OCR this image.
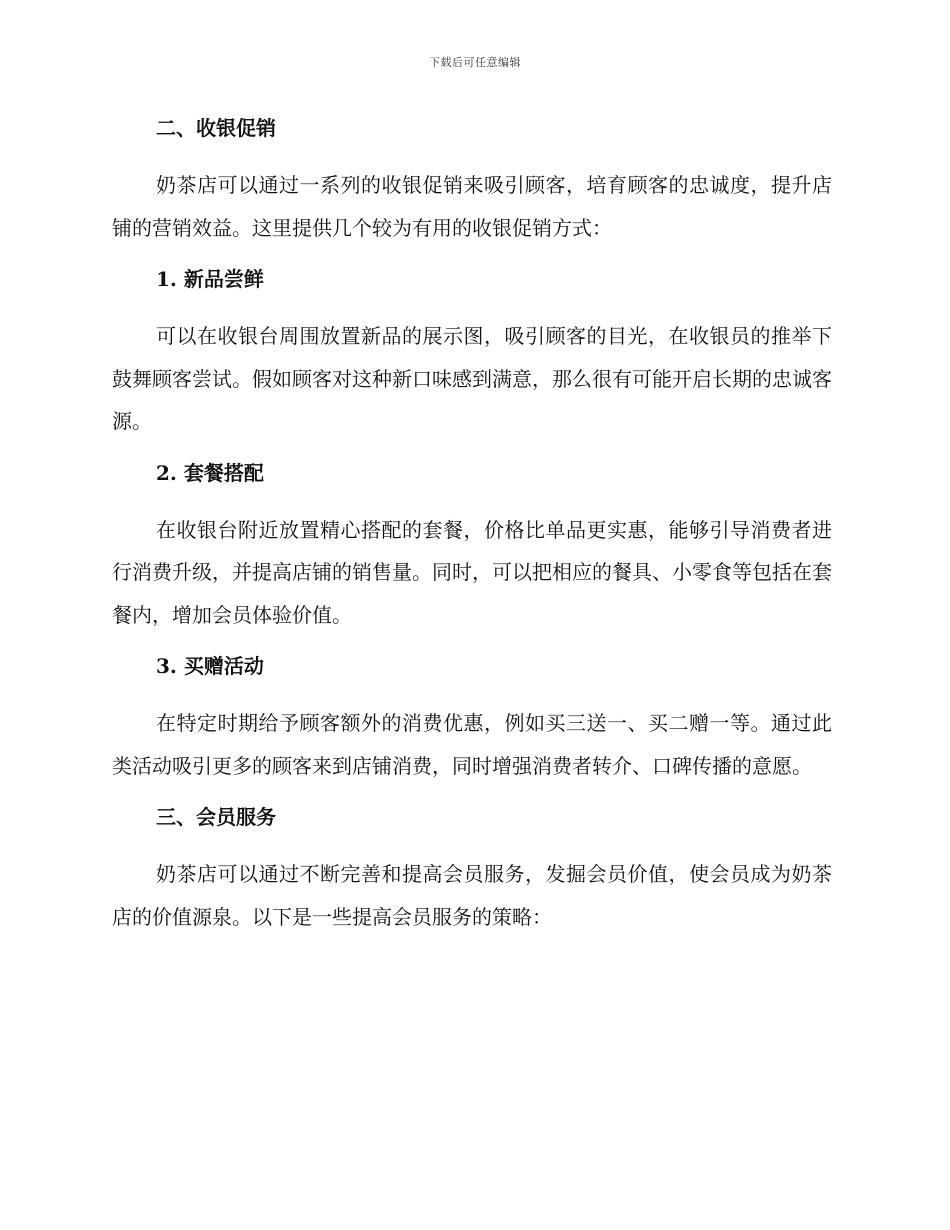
下载后可任意编辑
二、收银促销

奶茶店可以通过一系列的收银促销来吸引顾客，培育顾客的忠诚度，提升店铺的营销效益。这里提供几个较为有用的收银促销方式：

1. 新品尝鲜

可以在收银台周围放置新品的展示图，吸引顾客的目光，在收银员的推举下鼓舞顾客尝试。假如顾客对这种新口味感到满意，那么很有可能开启长期的忠诚客源。

2. 套餐搭配

在收银台附近放置精心搭配的套餐，价格比单品更实惠，能够引导消费者进行消费升级，并提高店铺的销售量。同时，可以把相应的餐具、小零食等包括在套餐内，增加会员体验价值。

3. 买赠活动

在特定时期给予顾客额外的消费优惠，例如买三送一、买二赠一等。通过此类活动吸引更多的顾客来到店铺消费，同时增强消费者转介、口碑传播的意愿。

三、会员服务

奶茶店可以通过不断完善和提高会员服务，发掘会员价值，使会员成为奶茶店的价值源泉。以下是一些提高会员服务的策略：
